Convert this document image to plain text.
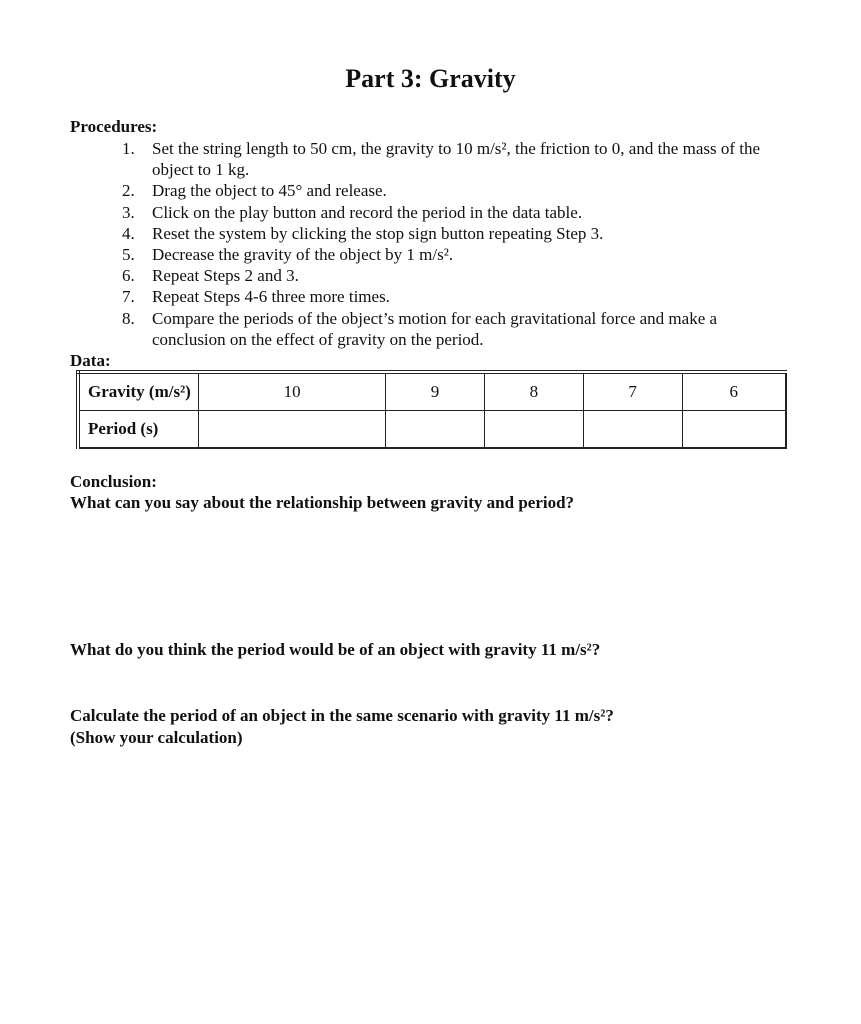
Part 3: Gravity
Procedures:
1. Set the string length to 50 cm, the gravity to 10 m/s², the friction to 0, and the mass of the object to 1 kg.
2. Drag the object to 45° and release.
3. Click on the play button and record the period in the data table.
4. Reset the system by clicking the stop sign button repeating Step 3.
5. Decrease the gravity of the object by 1 m/s².
6. Repeat Steps 2 and 3.
7. Repeat Steps 4-6 three more times.
8. Compare the periods of the object’s motion for each gravitational force and make a conclusion on the effect of gravity on the period.
Data:
Gravity (m/s²)	10	9	8	7	6
Period (s)					
Conclusion:
What can you say about the relationship between gravity and period?
What do you think the period would be of an object with gravity 11 m/s²?
Calculate the period of an object in the same scenario with gravity 11 m/s²?
(Show your calculation)
